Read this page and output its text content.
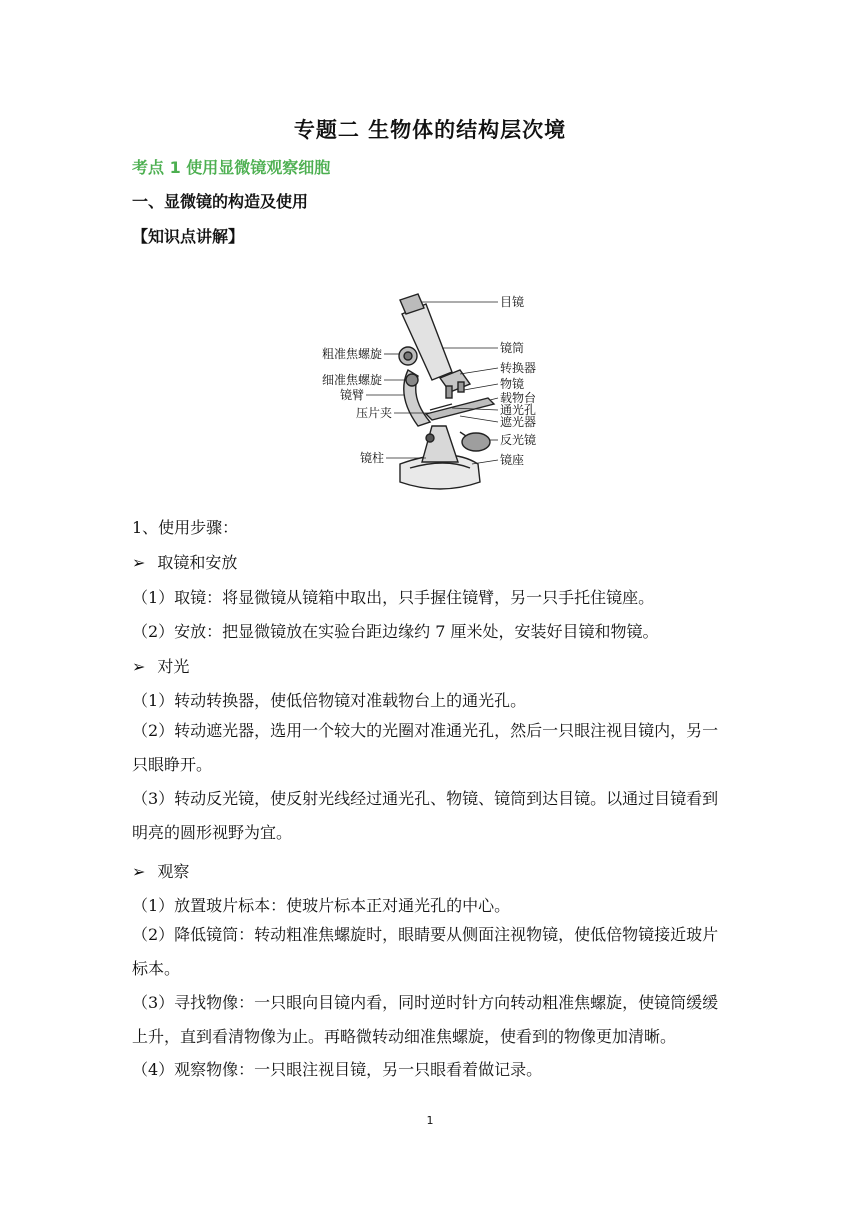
专题二 生物体的结构层次境
考点 1 使用显微镜观察细胞
一、显微镜的构造及使用
【知识点讲解】
粗准焦螺旋
细准焦螺旋
镜臂
压片夹
镜柱
目镜
镜筒
转换器
物镜
载物台
通光孔
遮光器
反光镜
镜座
1、使用步骤：
➢ 取镜和安放
（1）取镜：将显微镜从镜箱中取出，只手握住镜臂，另一只手托住镜座。
（2）安放：把显微镜放在实验台距边缘约 7 厘米处，安装好目镜和物镜。
➢ 对光
（1）转动转换器，使低倍物镜对准载物台上的通光孔。
（2）转动遮光器，选用一个较大的光圈对准通光孔，然后一只眼注视目镜内，另一只眼睁开。
（3）转动反光镜，使反射光线经过通光孔、物镜、镜筒到达目镜。以通过目镜看到明亮的圆形视野为宜。
➢ 观察
（1）放置玻片标本：使玻片标本正对通光孔的中心。
（2）降低镜筒：转动粗准焦螺旋时，眼睛要从侧面注视物镜，使低倍物镜接近玻片标本。
（3）寻找物像：一只眼向目镜内看，同时逆时针方向转动粗准焦螺旋，使镜筒缓缓上升，直到看清物像为止。再略微转动细准焦螺旋，使看到的物像更加清晰。
（4）观察物像：一只眼注视目镜，另一只眼看着做记录。
1
